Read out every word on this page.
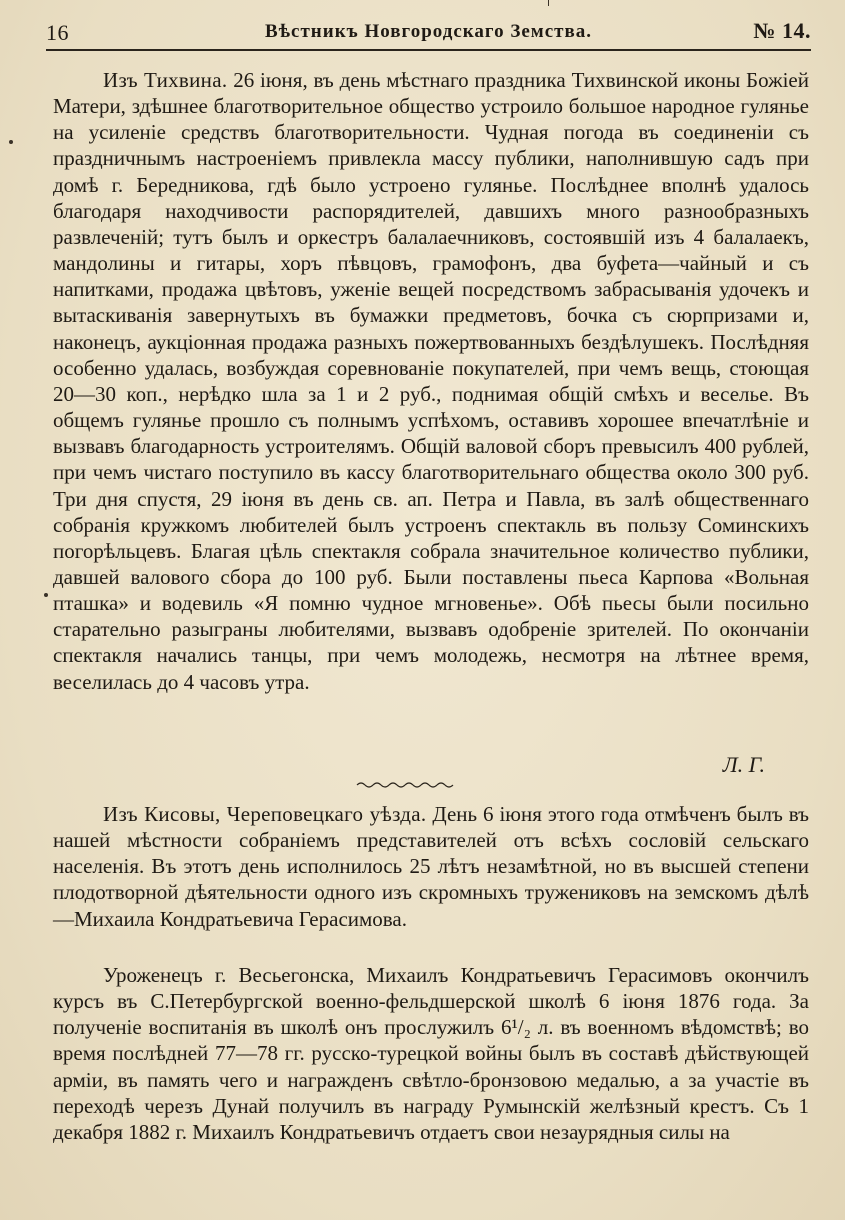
16	Вѣстникъ Новгородскаго Земства.	№ 14.

Изъ Тихвина. 26 іюня, въ день мѣстнаго праздника Тихвинской иконы Божіей Матери, здѣшнее благотворительное общество устроило большое народное гулянье на усиленіе средствъ благотворительности. Чудная погода въ соединеніи съ праздничнымъ настроеніемъ привлекла массу публики, наполнившую садъ при домѣ г. Бередникова, гдѣ было устроено гулянье. Послѣднее вполнѣ удалось благодаря находчивости распорядителей, давшихъ много разнообразныхъ развлеченій; тутъ былъ и оркестръ балалаечниковъ, состоявшій изъ 4 балалаекъ, мандолины и гитары, хоръ пѣвцовъ, грамофонъ, два буфета—чайный и съ напитками, продажа цвѣтовъ, уженіе вещей посредствомъ забрасыванія удочекъ и вытаскиванія завернутыхъ въ бумажки предметовъ, бочка съ сюрпризами и, наконецъ, аукціонная продажа разныхъ пожертвованныхъ бездѣлушекъ. Послѣдняя особенно удалась, возбуждая соревнованіе покупателей, при чемъ вещь, стоющая 20—30 коп., нерѣдко шла за 1 и 2 руб., поднимая общій смѣхъ и веселье. Въ общемъ гулянье прошло съ полнымъ успѣхомъ, оставивъ хорошее впечатлѣніе и вызвавъ благодарность устроителямъ. Общій валовой сборъ превысилъ 400 рублей, при чемъ чистаго поступило въ кассу благотворительнаго общества около 300 руб. Три дня спустя, 29 іюня въ день св. ап. Петра и Павла, въ залѣ общественнаго собранія кружкомъ любителей былъ устроенъ спектакль въ пользу Соминскихъ погорѣльцевъ. Благая цѣль спектакля собрала значительное количество публики, давшей валового сбора до 100 руб. Были поставлены пьеса Карпова «Вольная пташка» и водевиль «Я помню чудное мгновенье». Обѣ пьесы были посильно старательно разыграны любителями, вызвавъ одобреніе зрителей. По окончаніи спектакля начались танцы, при чемъ молодежь, несмотря на лѣтнее время, веселилась до 4 часовъ утра.

Л. Г.

Изъ Кисовы, Череповецкаго уѣзда. День 6 іюня этого года отмѣченъ былъ въ нашей мѣстности собраніемъ представителей отъ всѣхъ сословій сельскаго населенія. Въ этотъ день исполнилось 25 лѣтъ незамѣтной, но въ высшей степени плодотворной дѣятельности одного изъ скромныхъ тружениковъ на земскомъ дѣлѣ—Михаила Кондратьевича Герасимова.

Уроженецъ г. Весьегонска, Михаилъ Кондратьевичъ Герасимовъ окончилъ курсъ въ С.Петербургской военно-фельдшерской школѣ 6 іюня 1876 года. За полученіе воспитанія въ школѣ онъ прослужилъ 6¹/₂ л. въ военномъ вѣдомствѣ; во время послѣдней 77—78 гг. русско-турецкой войны былъ въ составѣ дѣйствующей арміи, въ память чего и награжденъ свѣтло-бронзовою медалью, а за участіе въ переходѣ черезъ Дунай получилъ въ награду Румынскій желѣзный крестъ. Съ 1 декабря 1882 г. Михаилъ Кондратьевичъ отдаетъ свои незаурядныя силы на
